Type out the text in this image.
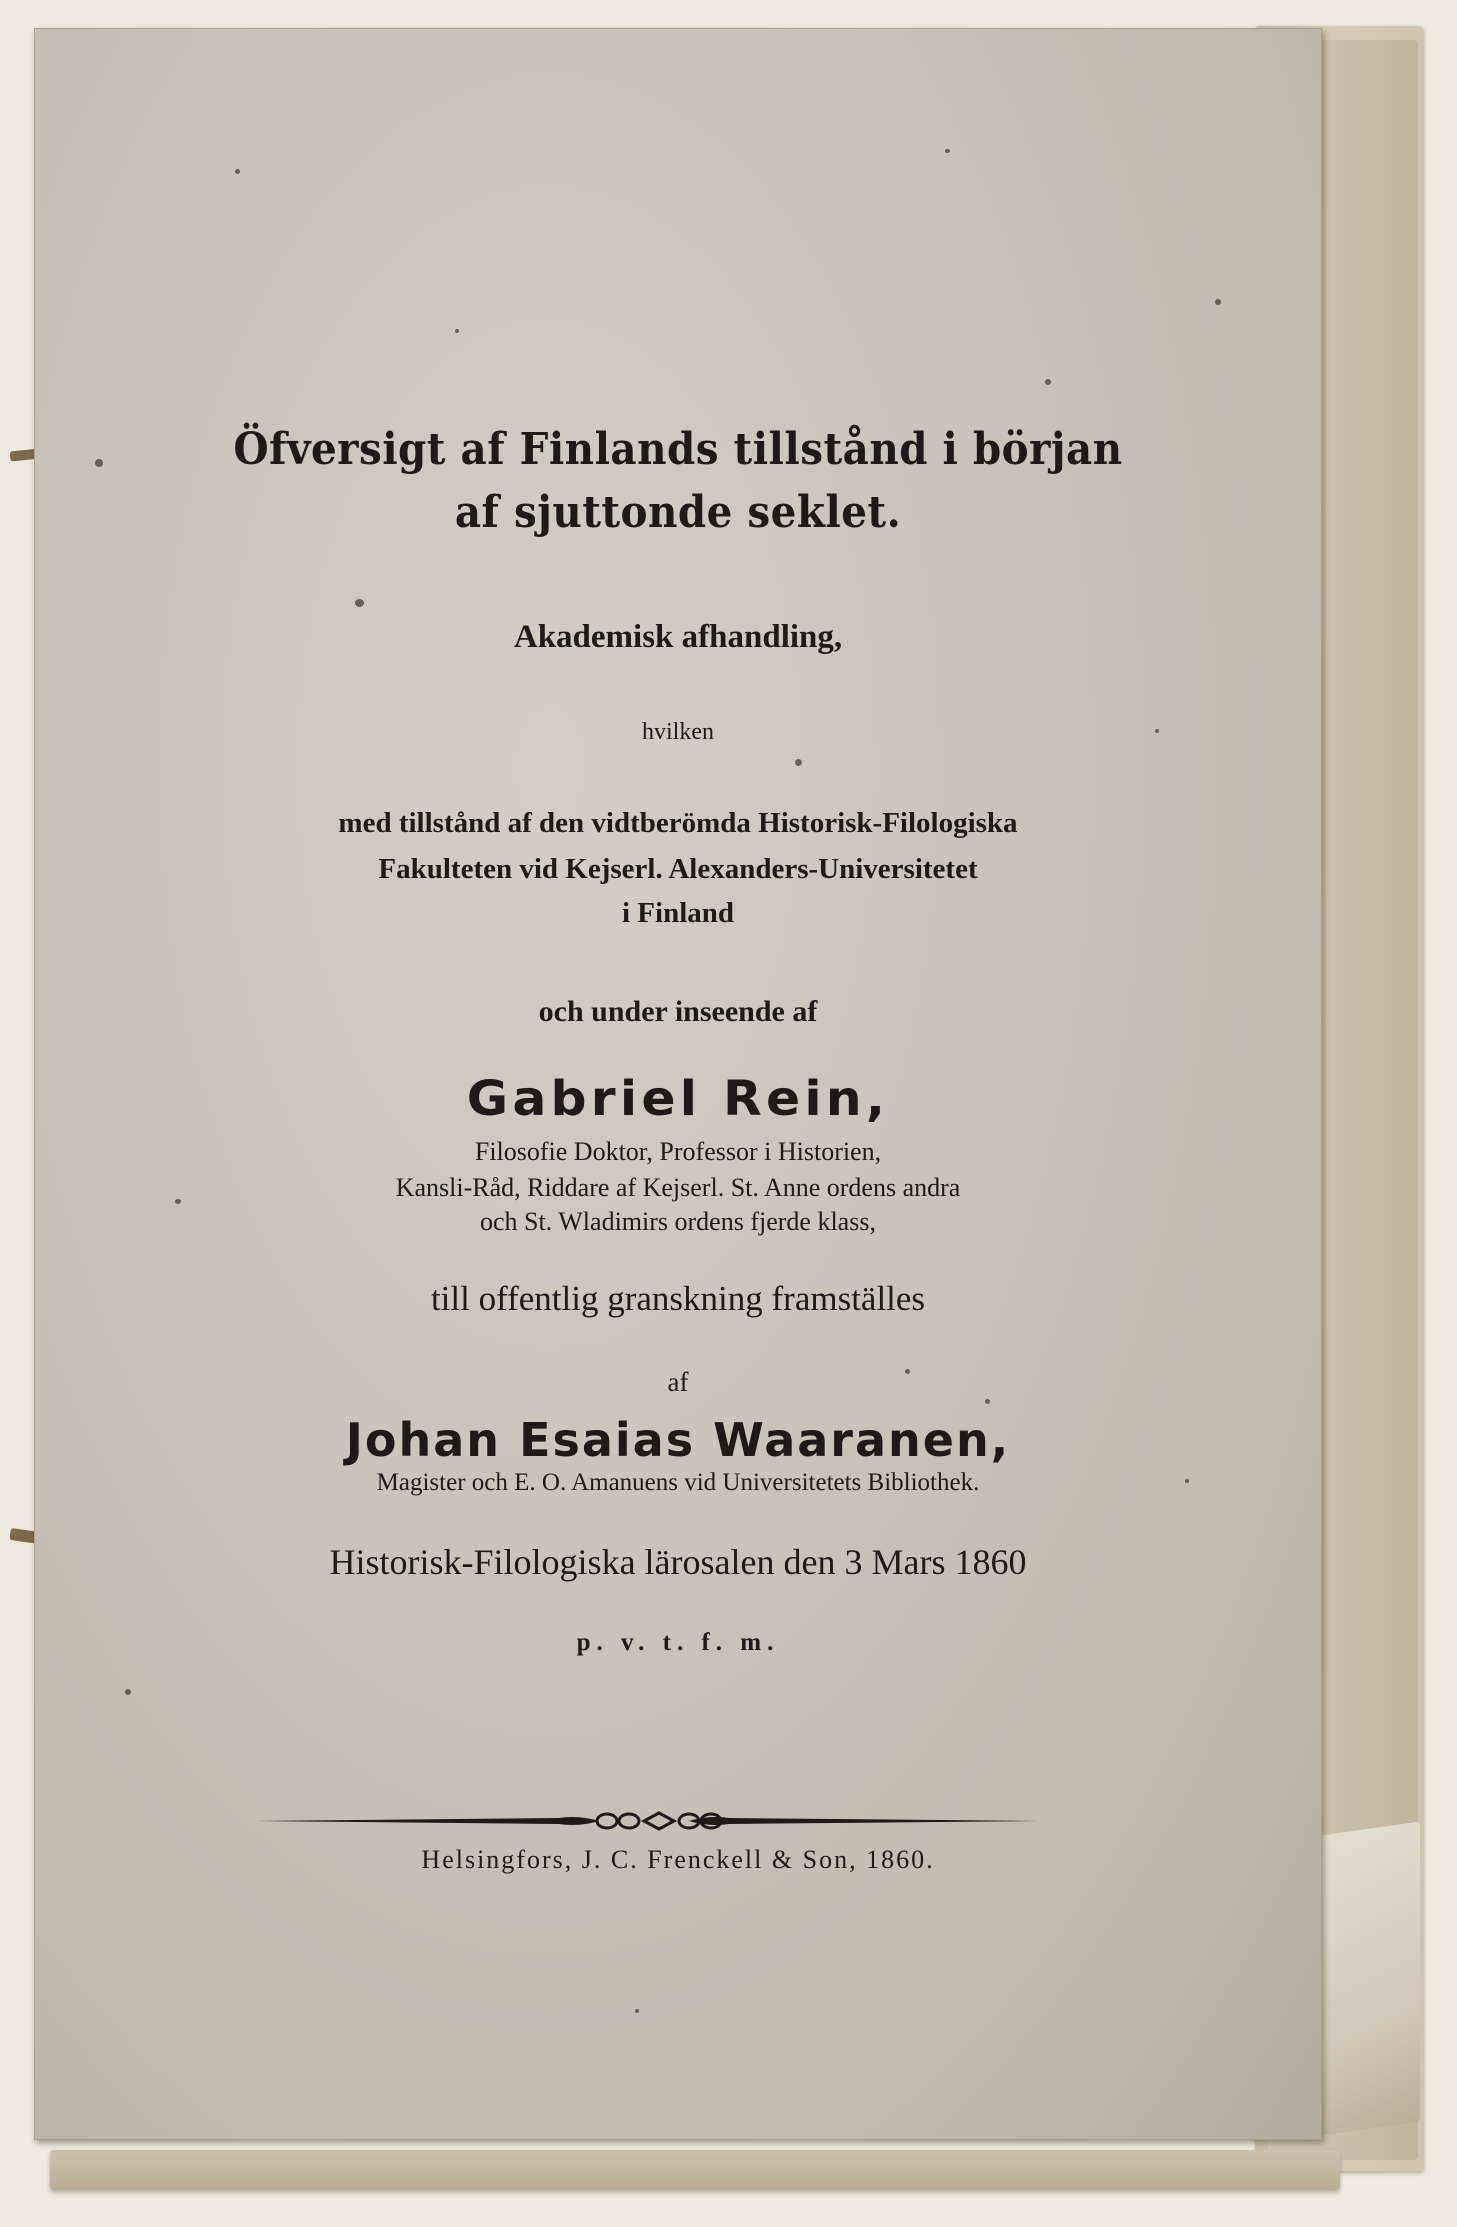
Öfversigt af Finlands tillstånd i början
af sjuttonde seklet.
Akademisk afhandling,
hvilken
med tillstånd af den vidtberömda Historisk-Filologiska
Fakulteten vid Kejserl. Alexanders-Universitetet
i Finland
och under inseende af
Gabriel Rein,
Filosofie Doktor, Professor i Historien,
Kansli-Råd, Riddare af Kejserl. St. Anne ordens andra
och St. Wladimirs ordens fjerde klass,
till offentlig granskning framställes
af
Johan Esaias Waaranen,
Magister och E. O. Amanuens vid Universitetets Bibliothek.
Historisk-Filologiska lärosalen den 3 Mars 1860
p. v. t. f. m.
Helsingfors, J. C. Frenckell & Son, 1860.
